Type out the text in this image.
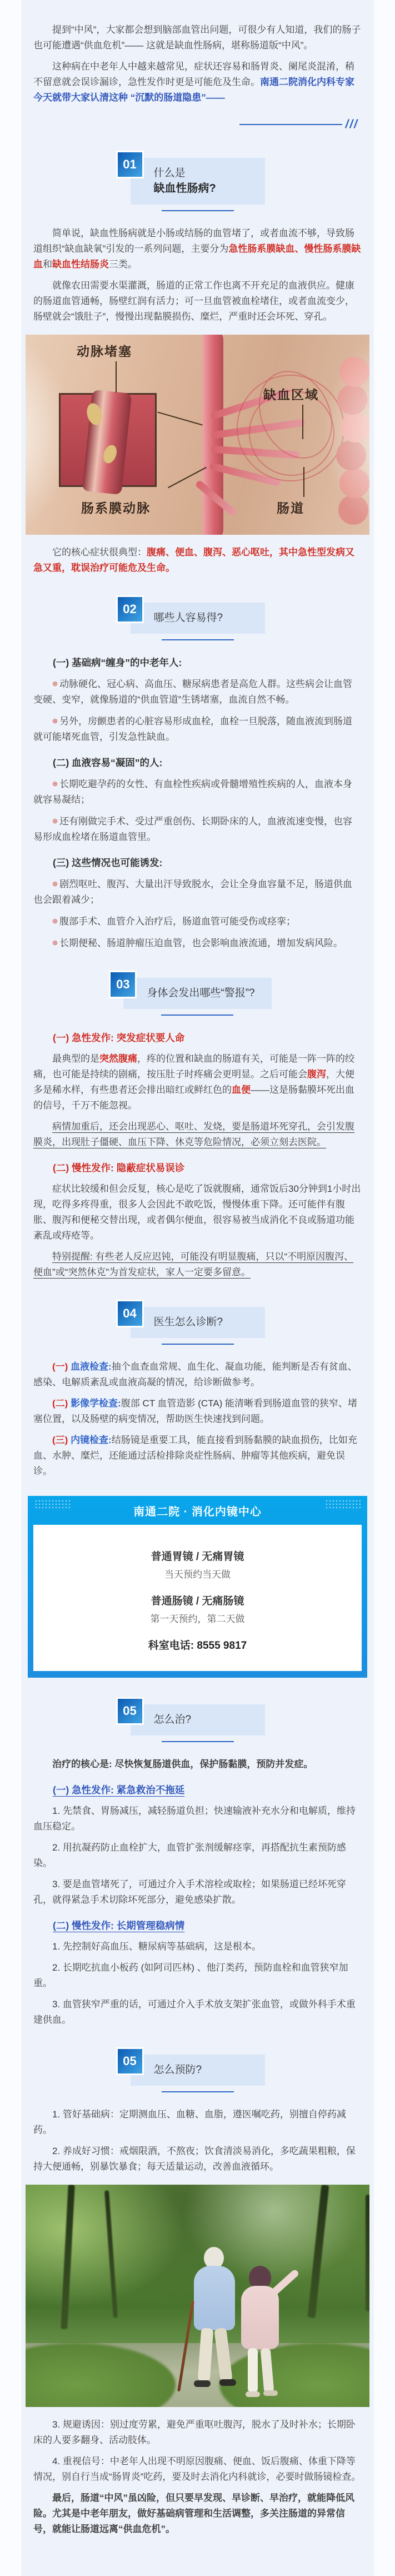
提到“中风”，大家都会想到脑部血管出问题，可很少有人知道，我们的肠子也可能遭遇“供血危机”—— 这就是缺血性肠病，堪称肠道版“中风”。

这种病在中老年人中越来越常见，症状还容易和肠胃炎、阑尾炎混淆，稍不留意就会误诊漏诊，急性发作时更是可能危及生命。南通二院消化内科专家今天就带大家认清这种 “沉默的肠道隐患”——

///
01
什么是
缺血性肠病?

简单说，缺血性肠病就是小肠或结肠的血管堵了，或者血流不够，导致肠道组织“缺血缺氧”引发的一系列问题，主要分为急性肠系膜缺血、慢性肠系膜缺血和缺血性结肠炎三类。

就像农田需要水渠灌溉，肠道的正常工作也离不开充足的血液供应。健康的肠道血管通畅，肠壁红润有活力；可一旦血管被血栓堵住，或者血流变少，肠壁就会“饿肚子”，慢慢出现黏膜损伤、糜烂，严重时还会坏死、穿孔。

动脉堵塞
缺血区域
肠系膜动脉	肠道

它的核心症状很典型：腹痛、便血、腹泻、恶心呕吐，其中急性型发病又急又重，耽误治疗可能危及生命。

02
哪些人容易得?

(一) 基础病“缠身”的中老年人:

⊛ 动脉硬化、冠心病、高血压、糖尿病患者是高危人群。这些病会让血管变硬、变窄，就像肠道的“供血管道”生锈堵塞，血流自然不畅。

⊛ 另外，房颤患者的心脏容易形成血栓，血栓一旦脱落，随血液流到肠道就可能堵死血管，引发急性缺血。

(二) 血液容易“凝固”的人:

⊛ 长期吃避孕药的女性、有血栓性疾病或骨髓增殖性疾病的人，血液本身就容易凝结；

⊛ 还有刚做完手术、受过严重创伤、长期卧床的人，血液流速变慢，也容易形成血栓堵在肠道血管里。

(三) 这些情况也可能诱发:

⊛ 剧烈呕吐、腹泻、大量出汗导致脱水，会让全身血容量不足，肠道供血也会跟着减少；

⊛ 腹部手术、血管介入治疗后，肠道血管可能受伤或痉挛；

⊛ 长期便秘、肠道肿瘤压迫血管，也会影响血液流通，增加发病风险。

03
身体会发出哪些“警报”?

(一) 急性发作: 突发症状要人命

最典型的是突然腹痛，疼的位置和缺血的肠道有关，可能是一阵一阵的绞痛，也可能是持续的剧痛，按压肚子时疼痛会更明显。之后可能会腹泻，大便多是稀水样，有些患者还会排出暗红或鲜红色的血便——这是肠黏膜坏死出血的信号，千万不能忽视。

病情加重后，还会出现恶心、呕吐、发烧，要是肠道坏死穿孔，会引发腹膜炎，出现肚子僵硬、血压下降、休克等危险情况，必须立刻去医院。

(二) 慢性发作: 隐蔽症状易误诊

症状比较缓和但会反复，核心是吃了饭就腹痛，通常饭后30分钟到1小时出现，吃得多疼得重，很多人会因此不敢吃饭，慢慢体重下降。还可能伴有腹胀、腹泻和便秘交替出现，或者偶尔便血，很容易被当成消化不良或肠道功能紊乱或痔疮等。

特别提醒: 有些老人反应迟钝，可能没有明显腹痛，只以“不明原因腹泻、便血”或“突然休克”为首发症状，家人一定要多留意。

04
医生怎么诊断?

(一) 血液检查:抽个血查血常规、血生化、凝血功能，能判断是否有贫血、感染、电解质紊乱或血液高凝的情况，给诊断做参考。

(二) 影像学检查:腹部 CT 血管造影 (CTA) 能清晰看到肠道血管的狭窄、堵塞位置，以及肠壁的病变情况，帮助医生快速找到问题。

(三) 内镜检查:结肠镜是重要工具，能直接看到肠黏膜的缺血损伤，比如充血、水肿、糜烂，还能通过活检排除炎症性肠病、肿瘤等其他疾病，避免误诊。

南通二院 · 消化内镜中心
普通胃镜 / 无痛胃镜
当天预约当天做
普通肠镜 / 无痛肠镜
第一天预约，第二天做
科室电话: 8555 9817
05
怎么治?

治疗的核心是: 尽快恢复肠道供血，保护肠黏膜，预防并发症。

(一) 急性发作: 紧急救治不拖延

1. 先禁食、胃肠减压，减轻肠道负担；快速输液补充水分和电解质，维持血压稳定。

2. 用抗凝药防止血栓扩大，血管扩张剂缓解痉挛，再搭配抗生素预防感染。

3. 要是血管堵死了，可通过介入手术溶栓或取栓；如果肠道已经坏死穿孔，就得紧急手术切除坏死部分，避免感染扩散。

(二) 慢性发作: 长期管理稳病情

1. 先控制好高血压、糖尿病等基础病，这是根本。

2. 长期吃抗血小板药 (如阿司匹林) 、他汀类药，预防血栓和血管狭窄加重。

3. 血管狭窄严重的话，可通过介入手术放支架扩张血管，或做外科手术重建供血。

05
怎么预防?

1. 管好基础病：定期测血压、血糖、血脂，遵医嘱吃药，别擅自停药减药。

2. 养成好习惯：戒烟限酒，不熬夜；饮食清淡易消化，多吃蔬果粗粮，保持大便通畅，别暴饮暴食；每天适量运动，改善血液循环。

3. 规避诱因：别过度劳累，避免严重呕吐腹泻，脱水了及时补水；长期卧床的人要多翻身、活动肢体。

4. 重视信号：中老年人出现不明原因腹痛、便血、饭后腹痛、体重下降等情况，别自行当成“肠胃炎”吃药，要及时去消化内科就诊，必要时做肠镜检查。

最后，肠道“中风”虽凶险，但只要早发现、早诊断、早治疗，就能降低风险。尤其是中老年朋友，做好基础病管理和生活调整，多关注肠道的异常信号，就能让肠道远离“供血危机”。
